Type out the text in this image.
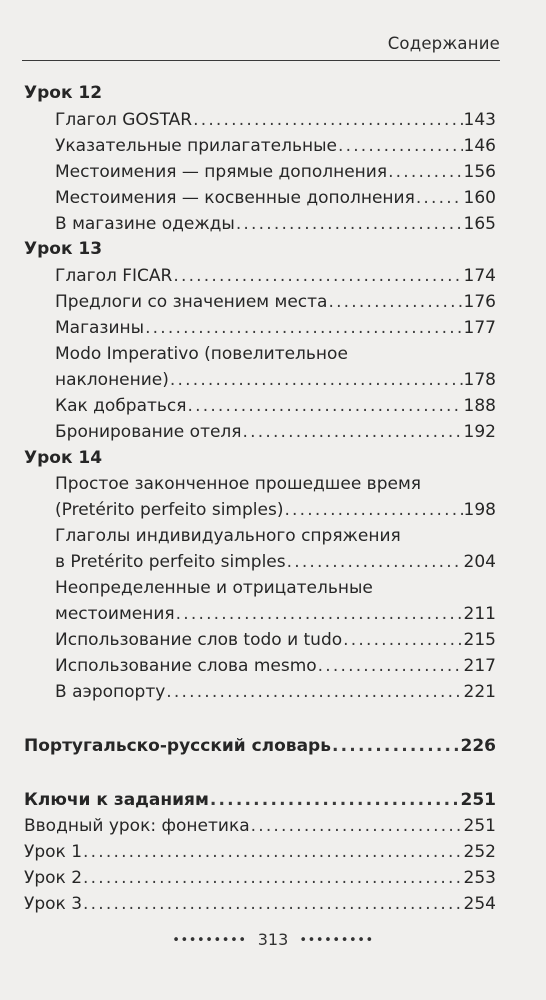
Содержание
Урок 12
Глагол GOSTAR .....	143
Указательные прилагательные .....	146
Местоимения — прямые дополнения .....	156
Местоимения — косвенные дополнения .....	160
В магазине одежды .....	165
Урок 13
Глагол FICAR .....	174
Предлоги со значением места .....	176
Магазины .....	177
Modo Imperativo (повелительное
наклонение) .....	178
Как добраться .....	188
Бронирование отеля .....	192
Урок 14
Простое законченное прошедшее время
(Pretérito perfeito simples) .....	198
Глаголы индивидуального спряжения
в Pretérito perfeito simples .....	204
Неопределенные и отрицательные
местоимения .....	211
Использование слов todo и tudo .....	215
Использование слова mesmo .....	217
В аэропорту .....	221
Португальско-русский словарь .....	226
Ключи к заданиям .....	251
Вводный урок: фонетика .....	251
Урок 1 .....	252
Урок 2 .....	253
Урок 3 .....	254
••••••••• 313 •••••••••
